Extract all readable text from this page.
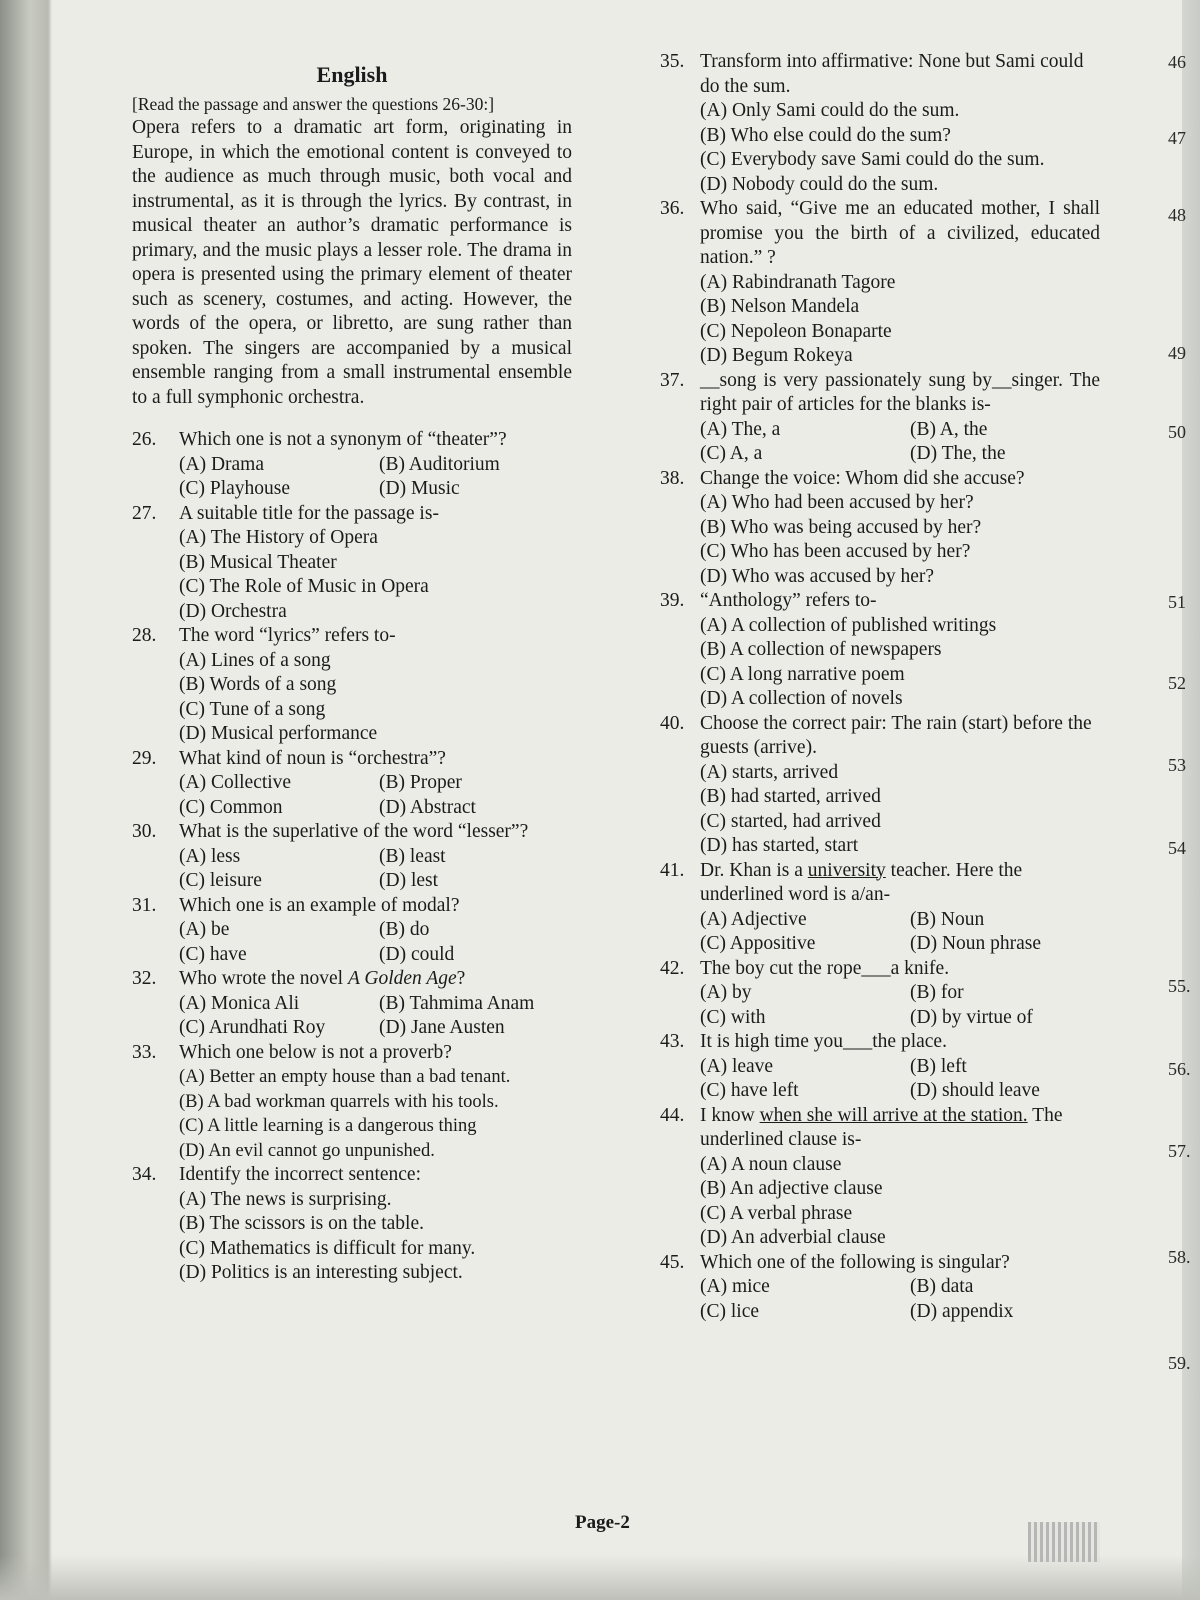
English

[Read the passage and answer the questions 26-30:]

Opera refers to a dramatic art form, originating in Europe, in which the emotional content is conveyed to the audience as much through music, both vocal and instrumental, as it is through the lyrics. By contrast, in musical theater an author’s dramatic performance is primary, and the music plays a lesser role. The drama in opera is presented using the primary element of theater such as scenery, costumes, and acting. However, the words of the opera, or libretto, are sung rather than spoken. The singers are accompanied by a musical ensemble ranging from a small instrumental ensemble to a full symphonic orchestra.

26. Which one is not a synonym of “theater”?
(A) Drama	(B) Auditorium
(C) Playhouse	(D) Music
27. A suitable title for the passage is-
(A) The History of Opera
(B) Musical Theater
(C) The Role of Music in Opera
(D) Orchestra
28. The word “lyrics” refers to-
(A) Lines of a song
(B) Words of a song
(C) Tune of a song
(D) Musical performance
29. What kind of noun is “orchestra”?
(A) Collective	(B) Proper
(C) Common	(D) Abstract
30. What is the superlative of the word “lesser”?
(A) less	(B) least
(C) leisure	(D) lest
31. Which one is an example of modal?
(A) be	(B) do
(C) have	(D) could
32. Who wrote the novel A Golden Age?
(A) Monica Ali	(B) Tahmima Anam
(C) Arundhati Roy	(D) Jane Austen
33. Which one below is not a proverb?
(A) Better an empty house than a bad tenant.
(B) A bad workman quarrels with his tools.
(C) A little learning is a dangerous thing
(D) An evil cannot go unpunished.
34. Identify the incorrect sentence:
(A) The news is surprising.
(B) The scissors is on the table.
(C) Mathematics is difficult for many.
(D) Politics is an interesting subject.
35. Transform into affirmative: None but Sami could do the sum.
(A) Only Sami could do the sum.
(B) Who else could do the sum?
(C) Everybody save Sami could do the sum.
(D) Nobody could do the sum.
36. Who said, “Give me an educated mother, I shall promise you the birth of a civilized, educated nation.” ?
(A) Rabindranath Tagore
(B) Nelson Mandela
(C) Nepoleon Bonaparte
(D) Begum Rokeya
37. __song is very passionately sung by__singer. The right pair of articles for the blanks is-
(A) The, a	(B) A, the
(C) A, a	(D) The, the
38. Change the voice: Whom did she accuse?
(A) Who had been accused by her?
(B) Who was being accused by her?
(C) Who has been accused by her?
(D) Who was accused by her?
39. “Anthology” refers to-
(A) A collection of published writings
(B) A collection of newspapers
(C) A long narrative poem
(D) A collection of novels
40. Choose the correct pair: The rain (start) before the guests (arrive).
(A) starts, arrived
(B) had started, arrived
(C) started, had arrived
(D) has started, start
41. Dr. Khan is a university teacher. Here the underlined word is a/an-
(A) Adjective	(B) Noun
(C) Appositive	(D) Noun phrase
42. The boy cut the rope___a knife.
(A) by	(B) for
(C) with	(D) by virtue of
43. It is high time you___the place.
(A) leave	(B) left
(C) have left	(D) should leave
44. I know when she will arrive at the station. The underlined clause is-
(A) A noun clause
(B) An adjective clause
(C) A verbal phrase
(D) An adverbial clause
45. Which one of the following is singular?
(A) mice	(B) data
(C) lice	(D) appendix
46
47
48
49
50
51
52
53
54
55.
56.
57.
58.
59.
Page-2
